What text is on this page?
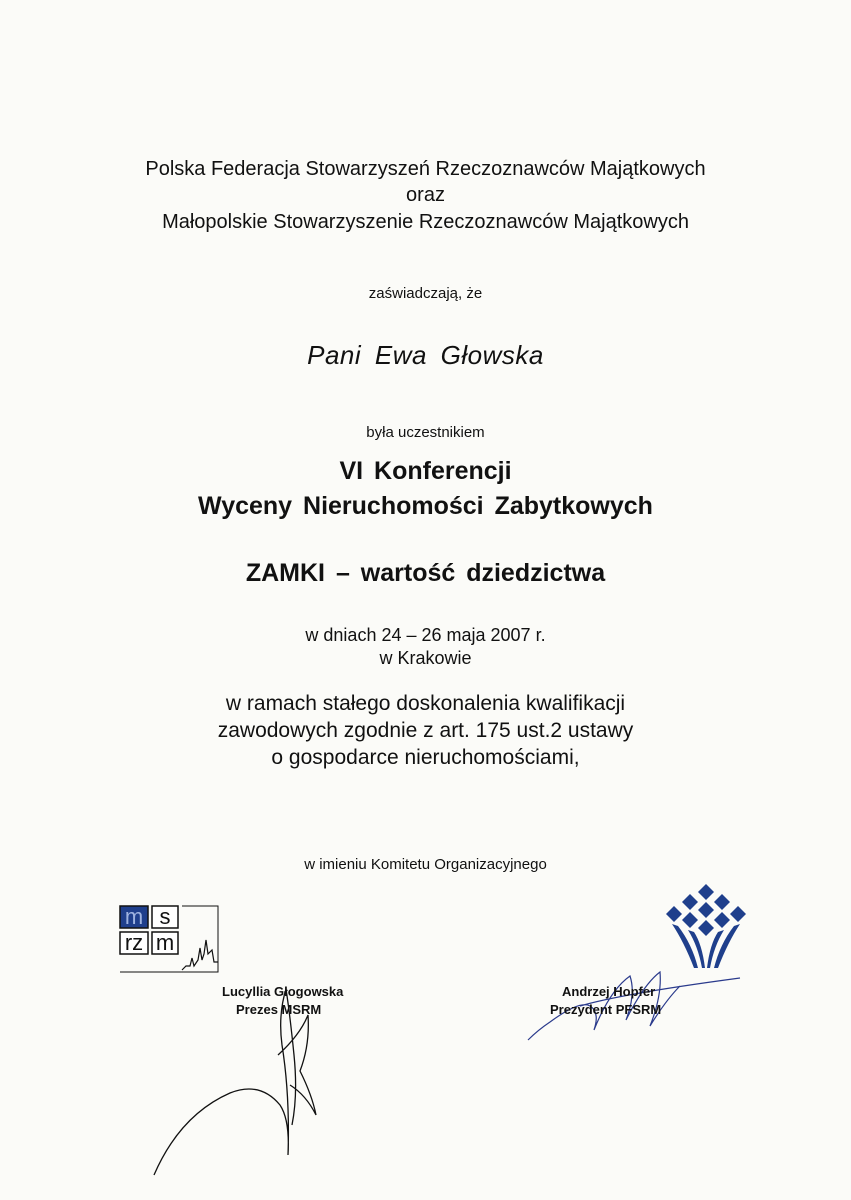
Polska Federacja Stowarzyszeń Rzeczoznawców Majątkowych
oraz
Małopolskie Stowarzyszenie Rzeczoznawców Majątkowych
zaświadczają, że
Pani Ewa Głowska
była uczestnikiem
VI Konferencji
Wyceny Nieruchomości Zabytkowych
ZAMKI – wartość dziedzictwa
w dniach 24 – 26 maja 2007 r.
w Krakowie
w ramach stałego doskonalenia kwalifikacji
zawodowych zgodnie z art. 175 ust.2 ustawy
o gospodarce nieruchomościami,
w imieniu Komitetu Organizacyjnego
m s
rz m
Lucyllia Głogowska
Prezes MSRM
Andrzej Hopfer
Prezydent PFSRM
